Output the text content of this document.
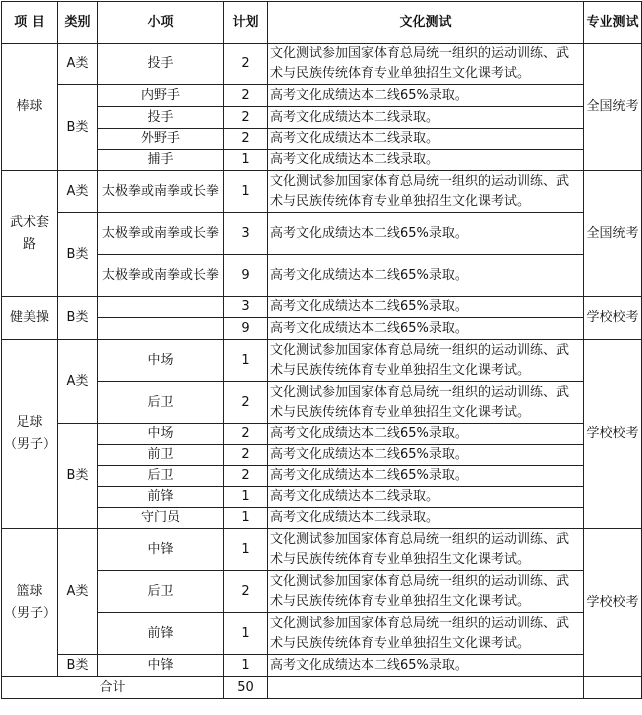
项 目	类别	小项	计划	文化测试	专业测试
棒球	A类	投手	2	文化测试参加国家体育总局统一组织的运动训练、武术与民族传统体育专业单独招生文化课考试。	全国统考
	B类	内野手	2	高考文化成绩达本二线65%录取。	
		投手	2	高考文化成绩达本二线录取。	
		外野手	2	高考文化成绩达本二线录取。	
		捕手	1	高考文化成绩达本二线录取。	
武术套路	A类	太极拳或南拳或长拳	1	文化测试参加国家体育总局统一组织的运动训练、武术与民族传统体育专业单独招生文化课考试。	全国统考
	B类	太极拳或南拳或长拳	3	高考文化成绩达本二线65%录取。	
		太极拳或南拳或长拳	9	高考文化成绩达本二线65%录取。	
健美操	B类		3	高考文化成绩达本二线65%录取。	学校校考
			9	高考文化成绩达本二线65%录取。	
足球（男子）	A类	中场	1	文化测试参加国家体育总局统一组织的运动训练、武术与民族传统体育专业单独招生文化课考试。	学校校考
		后卫	2	文化测试参加国家体育总局统一组织的运动训练、武术与民族传统体育专业单独招生文化课考试。	
	B类	中场	2	高考文化成绩达本二线65%录取。	
		前卫	2	高考文化成绩达本二线65%录取。	
		后卫	2	高考文化成绩达本二线65%录取。	
		前锋	1	高考文化成绩达本二线录取。	
		守门员	1	高考文化成绩达本二线录取。	
篮球（男子）	A类	中锋	1	文化测试参加国家体育总局统一组织的运动训练、武术与民族传统体育专业单独招生文化课考试。	学校校考
		后卫	2	文化测试参加国家体育总局统一组织的运动训练、武术与民族传统体育专业单独招生文化课考试。	
		前锋	1	文化测试参加国家体育总局统一组织的运动训练、武术与民族传统体育专业单独招生文化课考试。	
	B类	中锋	1	高考文化成绩达本二线65%录取。	
合计			50		
